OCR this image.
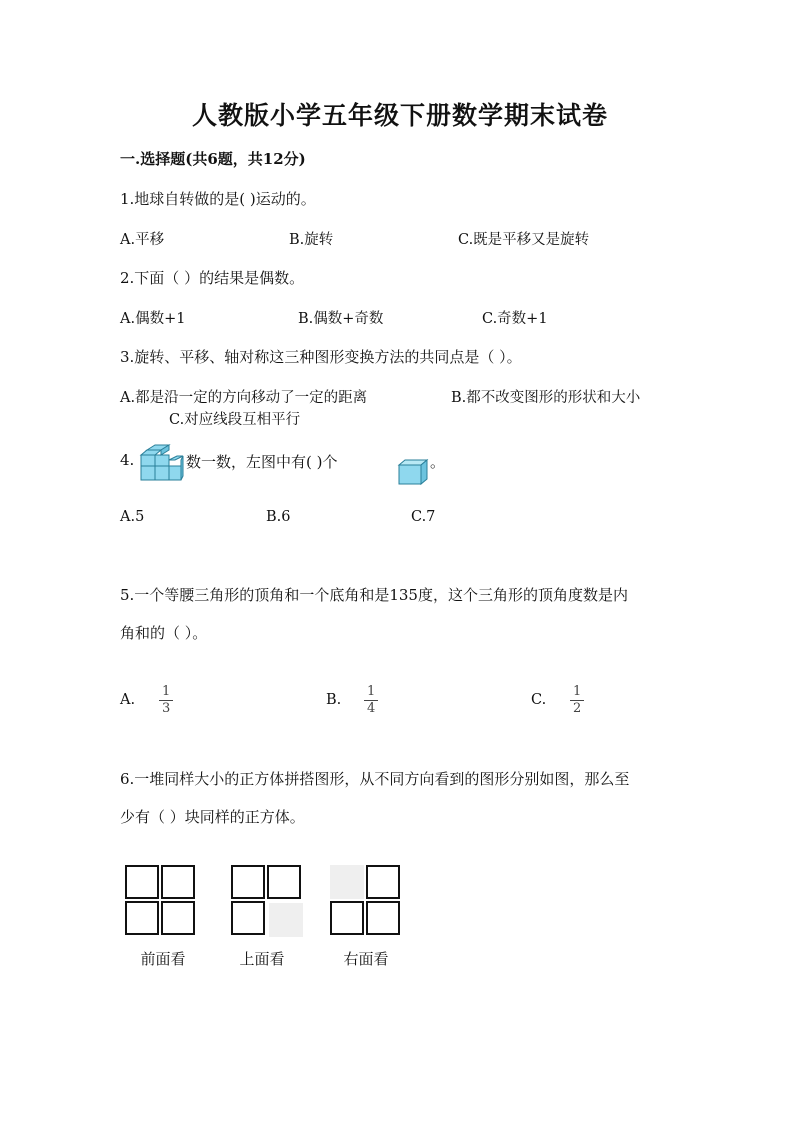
人教版小学五年级下册数学期末试卷
一.选择题(共6题，共12分)
1.地球自转做的是( )运动的。
A.平移	B.旋转	C.既是平移又是旋转
2.下面（ ）的结果是偶数。
A.偶数+1	B.偶数+奇数	C.奇数+1
3.旋转、平移、轴对称这三种图形变换方法的共同点是（ ）。
A.都是沿一定的方向移动了一定的距离	B.都不改变图形的形状和大小
C.对应线段互相平行
4.	数一数，左图中有( )个	。
A.5	B.6	C.7
5.一个等腰三角形的顶角和一个底角和是135度，这个三角形的顶角度数是内
角和的（ ）。
A. $\frac{1}{3}$	B. $\frac{1}{4}$	C. $\frac{1}{2}$
6.一堆同样大小的正方体拼搭图形，从不同方向看到的图形分别如图，那么至
少有（ ）块同样的正方体。
前面看	上面看	右面看
